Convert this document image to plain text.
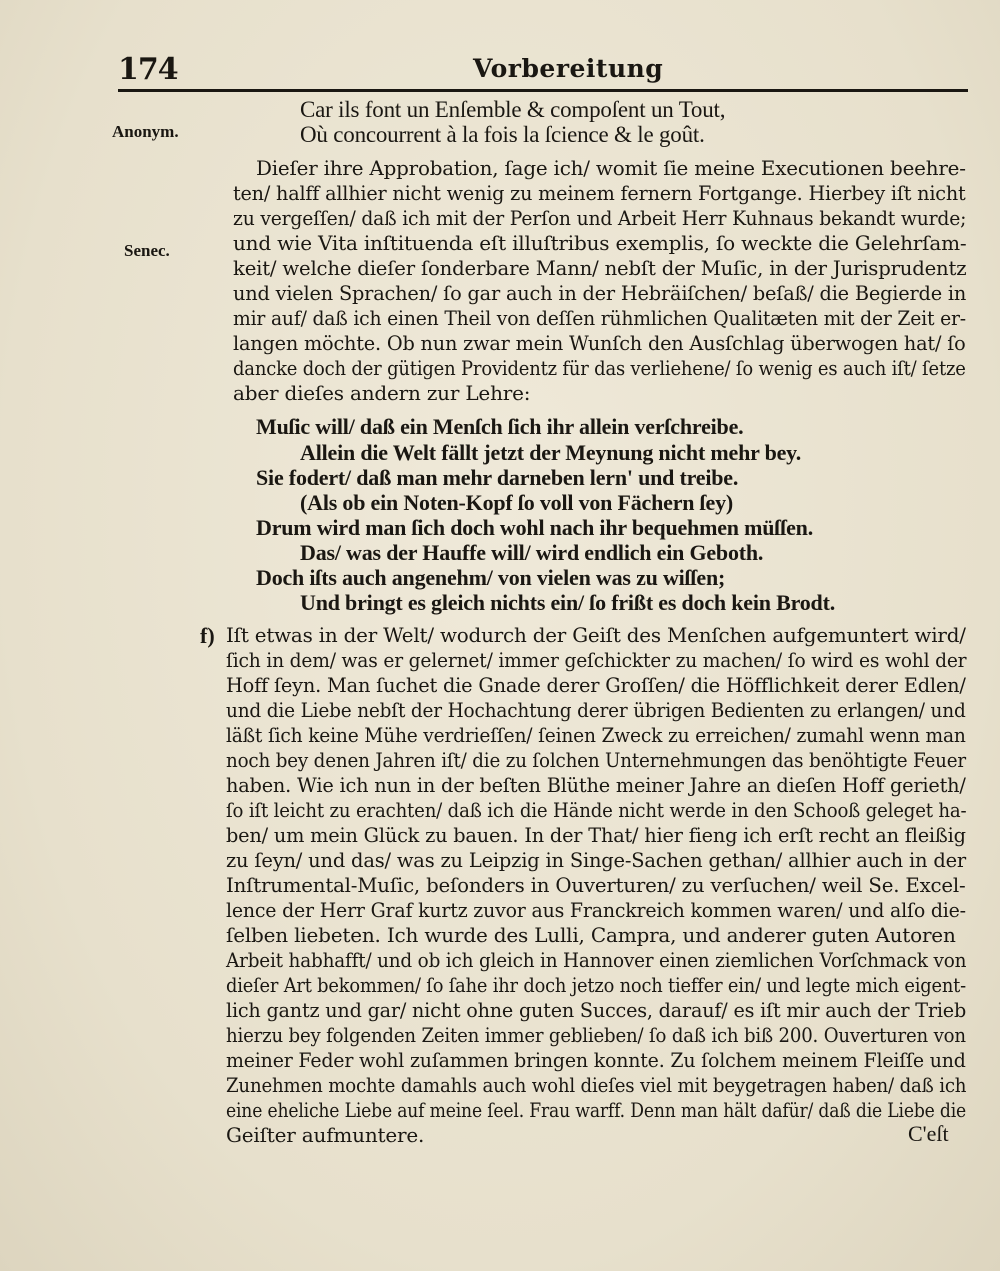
174	Vorbereitung
Anonym.
Senec.
Car ils font un Enſemble & compoſent un Tout,
Où concourrent à la fois la ſcience & le goût.
Dieſer ihre Approbation, ſage ich/ womit ſie meine Executionen beehre-
ten/ halff allhier nicht wenig zu meinem fernern Fortgange. Hierbey iſt nicht
zu vergeſſen/ daß ich mit der Perſon und Arbeit Herr Kuhnaus bekandt wurde;
und wie Vita inſtituenda eſt illuſtribus exemplis, ſo weckte die Gelehrſam-
keit/ welche dieſer ſonderbare Mann/ nebſt der Muſic, in der Jurisprudentz
und vielen Sprachen/ ſo gar auch in der Hebräiſchen/ beſaß/ die Begierde in
mir auf/ daß ich einen Theil von deſſen rühmlichen Qualitæten mit der Zeit er-
langen möchte. Ob nun zwar mein Wunſch den Ausſchlag überwogen hat/ ſo
dancke doch der gütigen Providentz für das verliehene/ ſo wenig es auch iſt/ ſetze
aber dieſes andern zur Lehre:
Muſic will/ daß ein Menſch ſich ihr allein verſchreibe.
Allein die Welt fällt jetzt der Meynung nicht mehr bey.
Sie fodert/ daß man mehr darneben lern' und treibe.
(Als ob ein Noten-Kopf ſo voll von Fächern ſey)
Drum wird man ſich doch wohl nach ihr bequehmen müſſen.
Das/ was der Hauffe will/ wird endlich ein Geboth.
Doch iſts auch angenehm/ von vielen was zu wiſſen;
Und bringt es gleich nichts ein/ ſo frißt es doch kein Brodt.
f) Iſt etwas in der Welt/ wodurch der Geiſt des Menſchen aufgemuntert wird/
ſich in dem/ was er gelernet/ immer geſchickter zu machen/ ſo wird es wohl der
Hoff ſeyn. Man ſuchet die Gnade derer Groſſen/ die Höfflichkeit derer Edlen/
und die Liebe nebſt der Hochachtung derer übrigen Bedienten zu erlangen/ und
läßt ſich keine Mühe verdrieſſen/ ſeinen Zweck zu erreichen/ zumahl wenn man
noch bey denen Jahren iſt/ die zu ſolchen Unternehmungen das benöhtigte Feuer
haben. Wie ich nun in der beſten Blüthe meiner Jahre an dieſen Hoff gerieth/
ſo iſt leicht zu erachten/ daß ich die Hände nicht werde in den Schooß geleget ha-
ben/ um mein Glück zu bauen. In der That/ hier fieng ich erſt recht an fleißig
zu ſeyn/ und das/ was zu Leipzig in Singe-Sachen gethan/ allhier auch in der
Inſtrumental-Muſic, beſonders in Ouverturen/ zu verſuchen/ weil Se. Excel-
lence der Herr Graf kurtz zuvor aus Franckreich kommen waren/ und alſo die-
ſelben liebeten. Ich wurde des Lulli, Campra, und anderer guten Autoren
Arbeit habhafft/ und ob ich gleich in Hannover einen ziemlichen Vorſchmack von
dieſer Art bekommen/ ſo ſahe ihr doch jetzo noch tieffer ein/ und legte mich eigent-
lich gantz und gar/ nicht ohne guten Succes, darauf/ es iſt mir auch der Trieb
hierzu bey folgenden Zeiten immer geblieben/ ſo daß ich biß 200. Ouverturen von
meiner Feder wohl zuſammen bringen konnte. Zu ſolchem meinem Fleiſſe und
Zunehmen mochte damahls auch wohl dieſes viel mit beygetragen haben/ daß ich
eine eheliche Liebe auf meine ſeel. Frau warff. Denn man hält dafür/ daß die Liebe die
Geiſter aufmuntere.	C'eſt
